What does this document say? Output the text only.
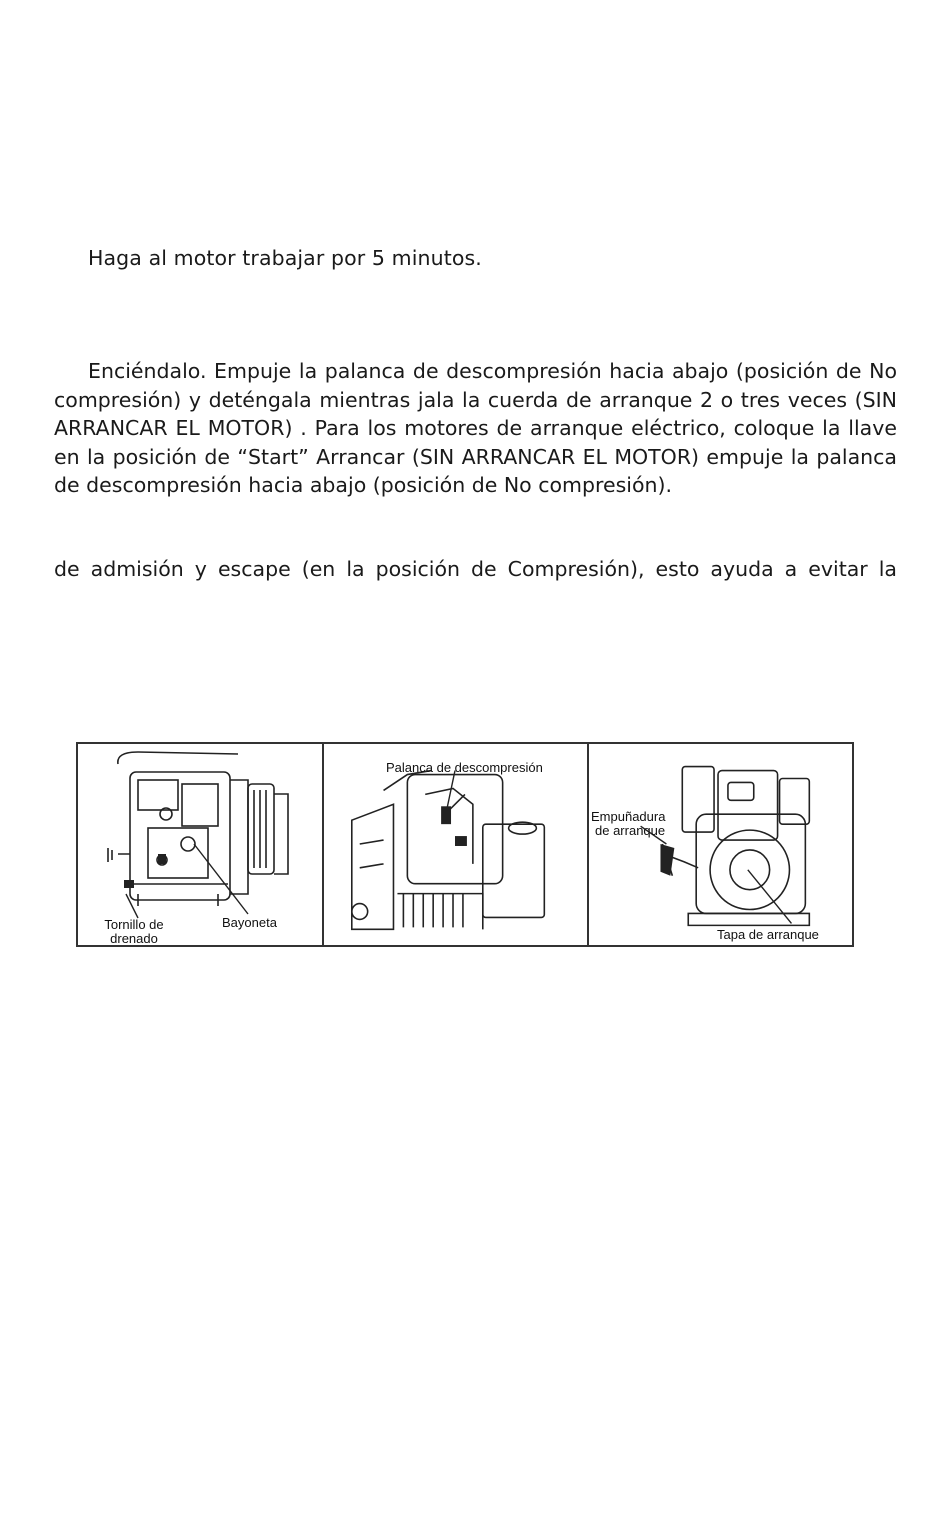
Haga al motor trabajar por 5 minutos.
Enciéndalo. Empuje la palanca de descompresión hacia abajo (posición de No compresión) y deténgala mientras jala la cuerda de arranque 2 o tres veces (SIN ARRANCAR EL MOTOR) . Para los motores de arranque eléctrico, coloque la llave en la posición de “Start” Arrancar (SIN ARRANCAR EL MOTOR) empuje la palanca de descompresión hacia abajo (posición de No compresión).
de admisión y escape (en la posición de Compresión), esto ayuda a evitar la
Tornillo de
drenado
Bayoneta
Palanca de descompresión
Empuñadura
de arranque
Tapa de arranque
